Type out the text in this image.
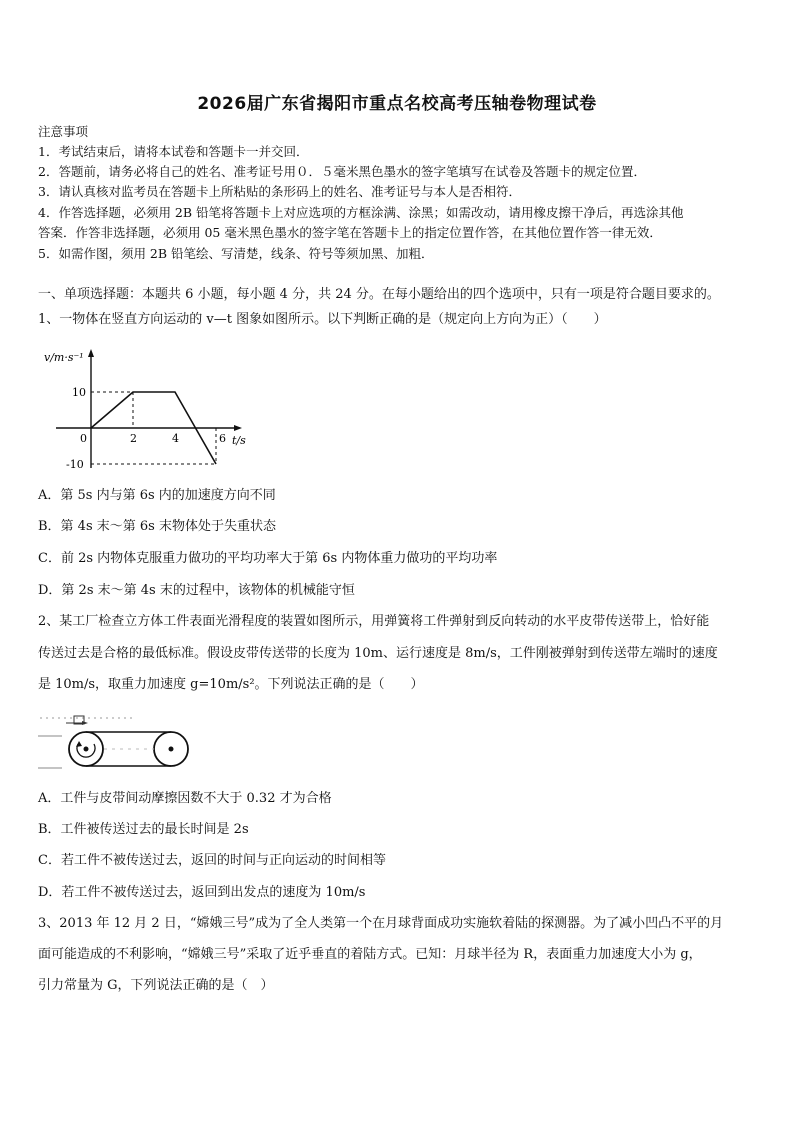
2026届广东省揭阳市重点名校高考压轴卷物理试卷
注意事项
1．考试结束后，请将本试卷和答题卡一并交回．
2．答题前，请务必将自己的姓名、准考证号用０．５毫米黑色墨水的签字笔填写在试卷及答题卡的规定位置．
3．请认真核对监考员在答题卡上所粘贴的条形码上的姓名、准考证号与本人是否相符．
4．作答选择题，必须用 2B 铅笔将答题卡上对应选项的方框涂满、涂黑；如需改动，请用橡皮擦干净后，再选涂其他
答案．作答非选择题，必须用 05 毫米黑色墨水的签字笔在答题卡上的指定位置作答，在其他位置作答一律无效．
5．如需作图，须用 2B 铅笔绘、写清楚，线条、符号等须加黑、加粗．
一、单项选择题：本题共 6 小题，每小题 4 分，共 24 分。在每小题给出的四个选项中，只有一项是符合题目要求的。
1、一物体在竖直方向运动的 v—t 图象如图所示。以下判断正确的是（规定向上方向为正）（　　）
v/m·s⁻¹
10
-10
0	2	4	6 t/s
A．第 5s 内与第 6s 内的加速度方向不同
B．第 4s 末～第 6s 末物体处于失重状态
C．前 2s 内物体克服重力做功的平均功率大于第 6s 内物体重力做功的平均功率
D．第 2s 末～第 4s 末的过程中，该物体的机械能守恒
2、某工厂检查立方体工件表面光滑程度的装置如图所示，用弹簧将工件弹射到反向转动的水平皮带传送带上，恰好能
传送过去是合格的最低标准。假设皮带传送带的长度为 10m、运行速度是 8m/s，工件刚被弹射到传送带左端时的速度
是 10m/s，取重力加速度 g=10m/s²。下列说法正确的是（　　）
A．工件与皮带间动摩擦因数不大于 0.32 才为合格
B．工件被传送过去的最长时间是 2s
C．若工件不被传送过去，返回的时间与正向运动的时间相等
D．若工件不被传送过去，返回到出发点的速度为 10m/s
3、2013 年 12 月 2 日，“嫦娥三号”成为了全人类第一个在月球背面成功实施软着陆的探测器。为了减小凹凸不平的月
面可能造成的不利影响，“嫦娥三号”采取了近乎垂直的着陆方式。已知：月球半径为 R，表面重力加速度大小为 g，
引力常量为 G，下列说法正确的是（　）
